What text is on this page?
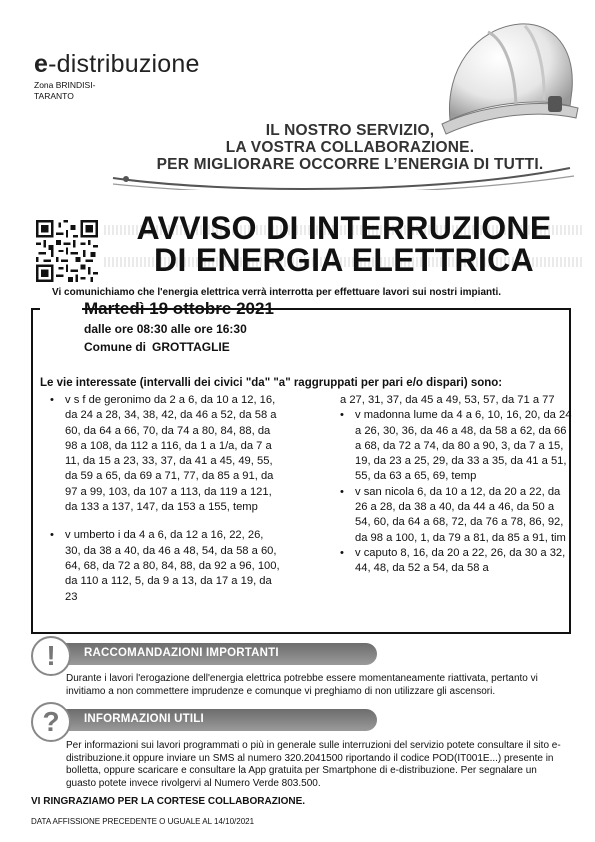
e-distribuzione
Zona BRINDISI-
TARANTO
IL NOSTRO SERVIZIO,
LA VOSTRA COLLABORAZIONE.
PER MIGLIORARE OCCORRE L’ENERGIA DI TUTTI.
AVVISO DI INTERRUZIONE
DI ENERGIA ELETTRICA
Vi comunichiamo che l'energia elettrica verrà interrotta per effettuare lavori sui nostri impianti.
Martedì 19 ottobre 2021
dalle ore 08:30 alle ore 16:30
Comune di GROTTAGLIE
Le vie interessate (intervalli dei civici "da" "a" raggruppati per pari e/o dispari) sono:
• v s f de geronimo da 2 a 6, da 10 a 12, 16, da 24 a 28, 34, 38, 42, da 46 a 52, da 58 a 60, da 64 a 66, 70, da 74 a 80, 84, 88, da 98 a 108, da 112 a 116, da 1 a 1/a, da 7 a 11, da 15 a 23, 33, 37, da 41 a 45, 49, 55, da 59 a 65, da 69 a 71, 77, da 85 a 91, da 97 a 99, 103, da 107 a 113, da 119 a 121, da 133 a 137, 147, da 153 a 155, temp
• v umberto i da 4 a 6, da 12 a 16, 22, 26, 30, da 38 a 40, da 46 a 48, 54, da 58 a 60, 64, 68, da 72 a 80, 84, 88, da 92 a 96, 100, da 110 a 112, 5, da 9 a 13, da 17 a 19, da 23
a 27, 31, 37, da 45 a 49, 53, 57, da 71 a 77
• v madonna lume da 4 a 6, 10, 16, 20, da 24 a 26, 30, 36, da 46 a 48, da 58 a 62, da 66 a 68, da 72 a 74, da 80 a 90, 3, da 7 a 15, 19, da 23 a 25, 29, da 33 a 35, da 41 a 51, 55, da 63 a 65, 69, temp
• v san nicola 6, da 10 a 12, da 20 a 22, da 26 a 28, da 38 a 40, da 44 a 46, da 50 a 54, 60, da 64 a 68, 72, da 76 a 78, 86, 92, da 98 a 100, 1, da 79 a 81, da 85 a 91, tim
• v caputo 8, 16, da 20 a 22, 26, da 30 a 32, 44, 48, da 52 a 54, da 58 a
! RACCOMANDAZIONI IMPORTANTI
Durante i lavori l'erogazione dell'energia elettrica potrebbe essere momentaneamente riattivata, pertanto vi invitiamo a non commettere imprudenze e comunque vi preghiamo di non utilizzare gli ascensori.
? INFORMAZIONI UTILI
Per informazioni sui lavori programmati o più in generale sulle interruzioni del servizio potete consultare il sito e-distribuzione.it oppure inviare un SMS al numero 320.2041500 riportando il codice POD(IT001E...) presente in bolletta, oppure scaricare e consultare la App gratuita per Smartphone di e-distribuzione. Per segnalare un guasto potete invece rivolgervi al Numero Verde 803.500.
VI RINGRAZIAMO PER LA CORTESE COLLABORAZIONE.
DATA AFFISSIONE PRECEDENTE O UGUALE AL 14/10/2021
